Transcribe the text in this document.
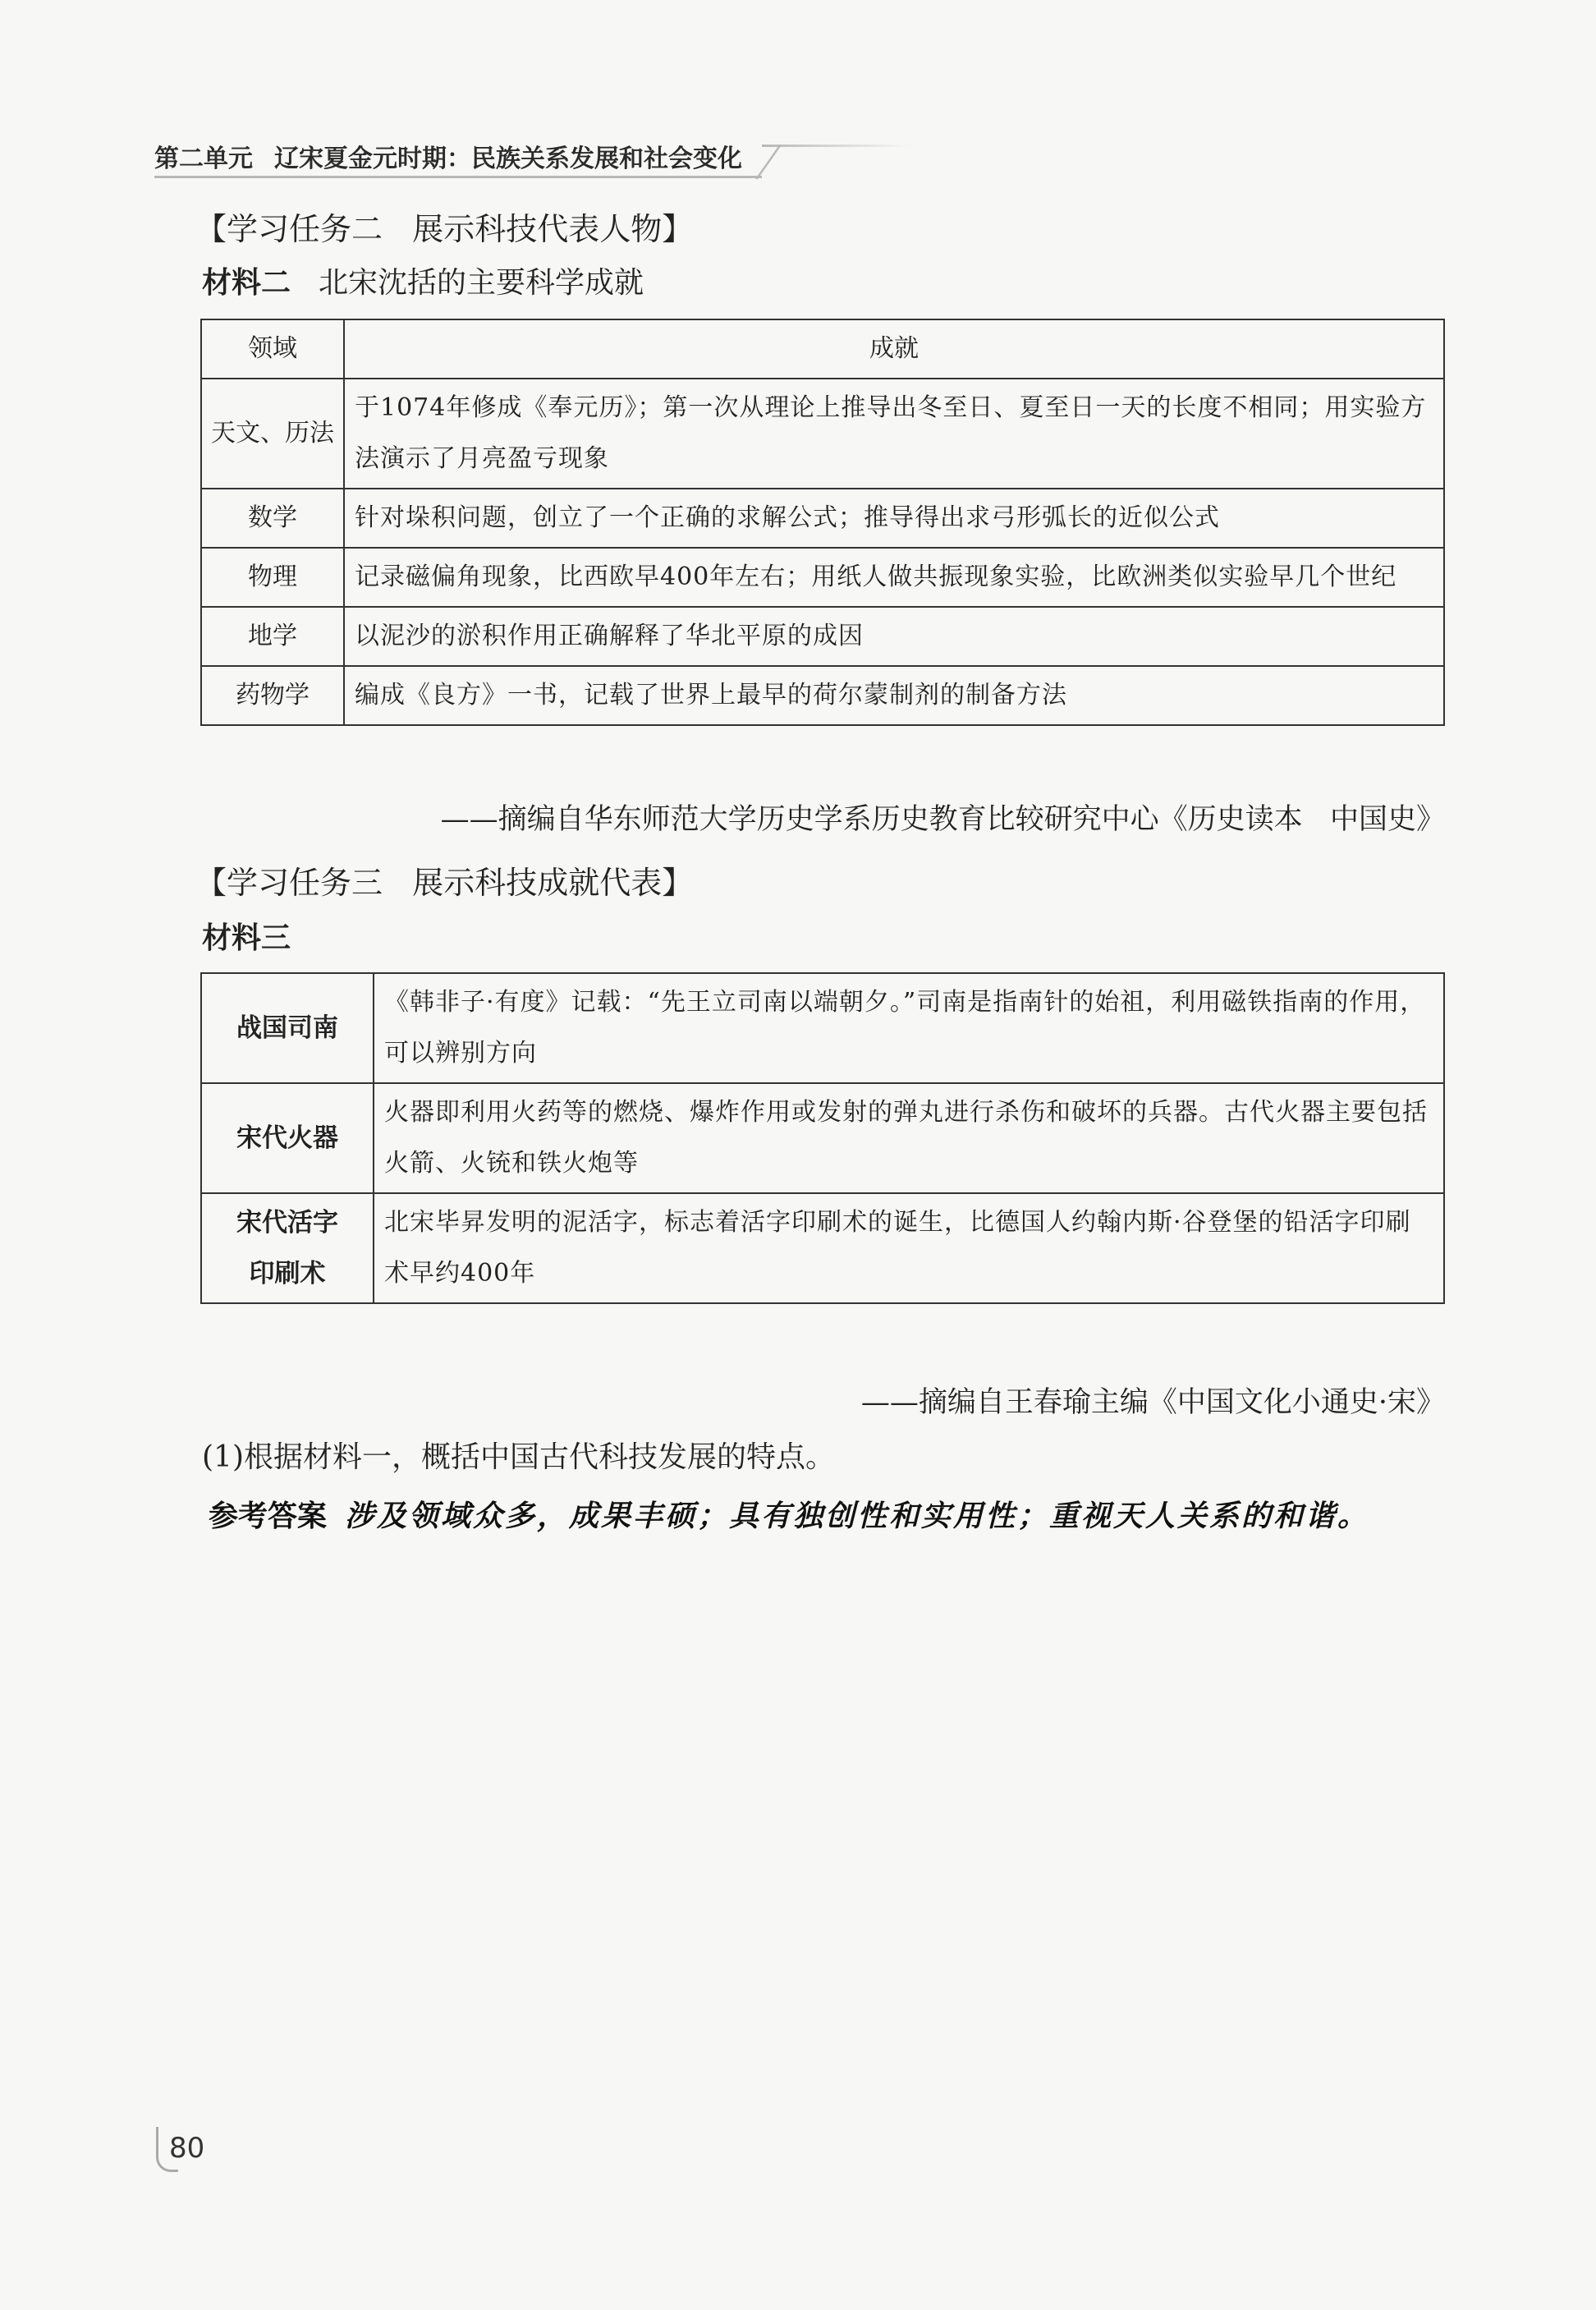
第二单元 辽宋夏金元时期：民族关系发展和社会变化
【学习任务二   展示科技代表人物】
材料二 北宋沈括的主要科学成就
领域	成就
天文、历法	于1074年修成《奉元历》；第一次从理论上推导出冬至日、夏至日一天的长度不相同；用实验方法演示了月亮盈亏现象
数学	针对垛积问题，创立了一个正确的求解公式；推导得出求弓形弧长的近似公式
物理	记录磁偏角现象，比西欧早400年左右；用纸人做共振现象实验，比欧洲类似实验早几个世纪
地学	以泥沙的淤积作用正确解释了华北平原的成因
药物学	编成《良方》一书，记载了世界上最早的荷尔蒙制剂的制备方法
——摘编自华东师范大学历史学系历史教育比较研究中心《历史读本   中国史》
【学习任务三   展示科技成就代表】
材料三
战国司南	《韩非子·有度》记载：“先王立司南以端朝夕。”司南是指南针的始祖，利用磁铁指南的作用，可以辨别方向
宋代火器	火器即利用火药等的燃烧、爆炸作用或发射的弹丸进行杀伤和破坏的兵器。古代火器主要包括火箭、火铳和铁火炮等
宋代活字
印刷术	北宋毕昇发明的泥活字，标志着活字印刷术的诞生，比德国人约翰内斯·谷登堡的铅活字印刷术早约400年
——摘编自王春瑜主编《中国文化小通史·宋》
(1)根据材料一，概括中国古代科技发展的特点。
参考答案 涉及领域众多，成果丰硕；具有独创性和实用性；重视天人关系的和谐。
80
